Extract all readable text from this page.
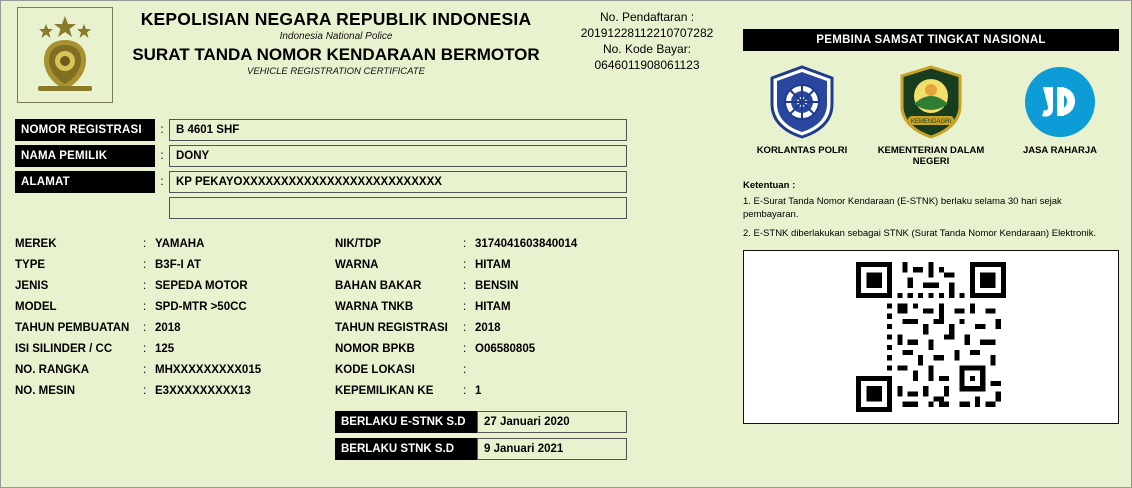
KEPOLISIAN NEGARA REPUBLIK INDONESIA
Indonesia National Police
SURAT TANDA NOMOR KENDARAAN BERMOTOR
VEHICLE REGISTRATION CERTIFICATE
No. Pendaftaran :
20191228112210707282
No. Kode Bayar:
0646011908061123
PEMBINA SAMSAT TINGKAT NASIONAL
KORLANTAS POLRI
KEMENDAGRI
KEMENTERIAN DALAM NEGERI
JASA RAHARJA
Ketentuan :

1. E-Surat Tanda Nomor Kendaraan (E-STNK) berlaku selama 30 hari sejak pembayaran.

2. E-STNK diberlakukan sebagai STNK (Surat Tanda Nomor Kendaraan) Elektronik.

NOMOR REGISTRASI	:	B 4601 SHF
NAMA PEMILIK	:	DONY
ALAMAT	:	KP PEKAYOXXXXXXXXXXXXXXXXXXXXXXXXXX
MEREK	: YAMAHA
TYPE	: B3F-I AT
JENIS	: SEPEDA MOTOR
MODEL	: SPD-MTR >50CC
TAHUN PEMBUATAN	: 2018
ISI SILINDER / CC	: 125
NO. RANGKA	: MHXXXXXXXXX015
NO. MESIN	: E3XXXXXXXXX13
NIK/TDP	: 3174041603840014
WARNA	: HITAM
BAHAN BAKAR	: BENSIN
WARNA TNKB	: HITAM
TAHUN REGISTRASI	: 2018
NOMOR BPKB	: O06580805
KODE LOKASI	:
KEPEMILIKAN KE	: 1
BERLAKU E-STNK S.D	27 Januari 2020
BERLAKU STNK S.D	9 Januari 2021
